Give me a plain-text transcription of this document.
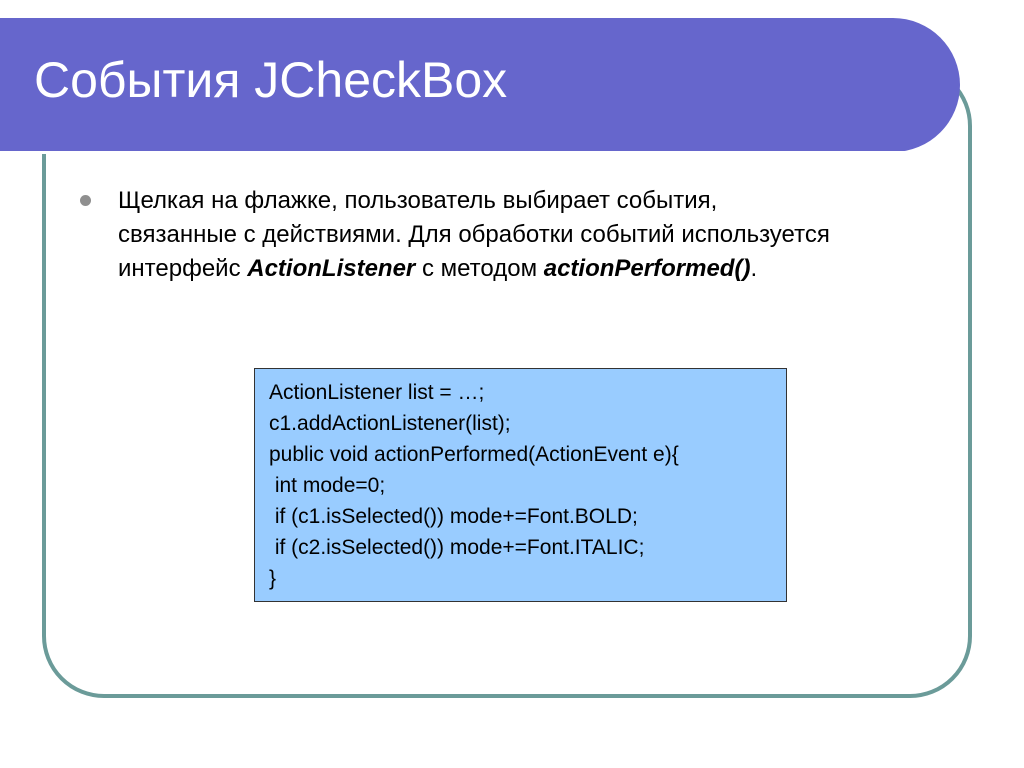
События JCheckBox

Щелкая на флажке, пользователь выбирает события, связанные с действиями. Для обработки событий используется интерфейс ActionListener с методом actionPerformed().

ActionListener list = …;
c1.addActionListener(list);
public void actionPerformed(ActionEvent e){
int mode=0;
if (c1.isSelected()) mode+=Font.BOLD;
if (c2.isSelected()) mode+=Font.ITALIC;
}
